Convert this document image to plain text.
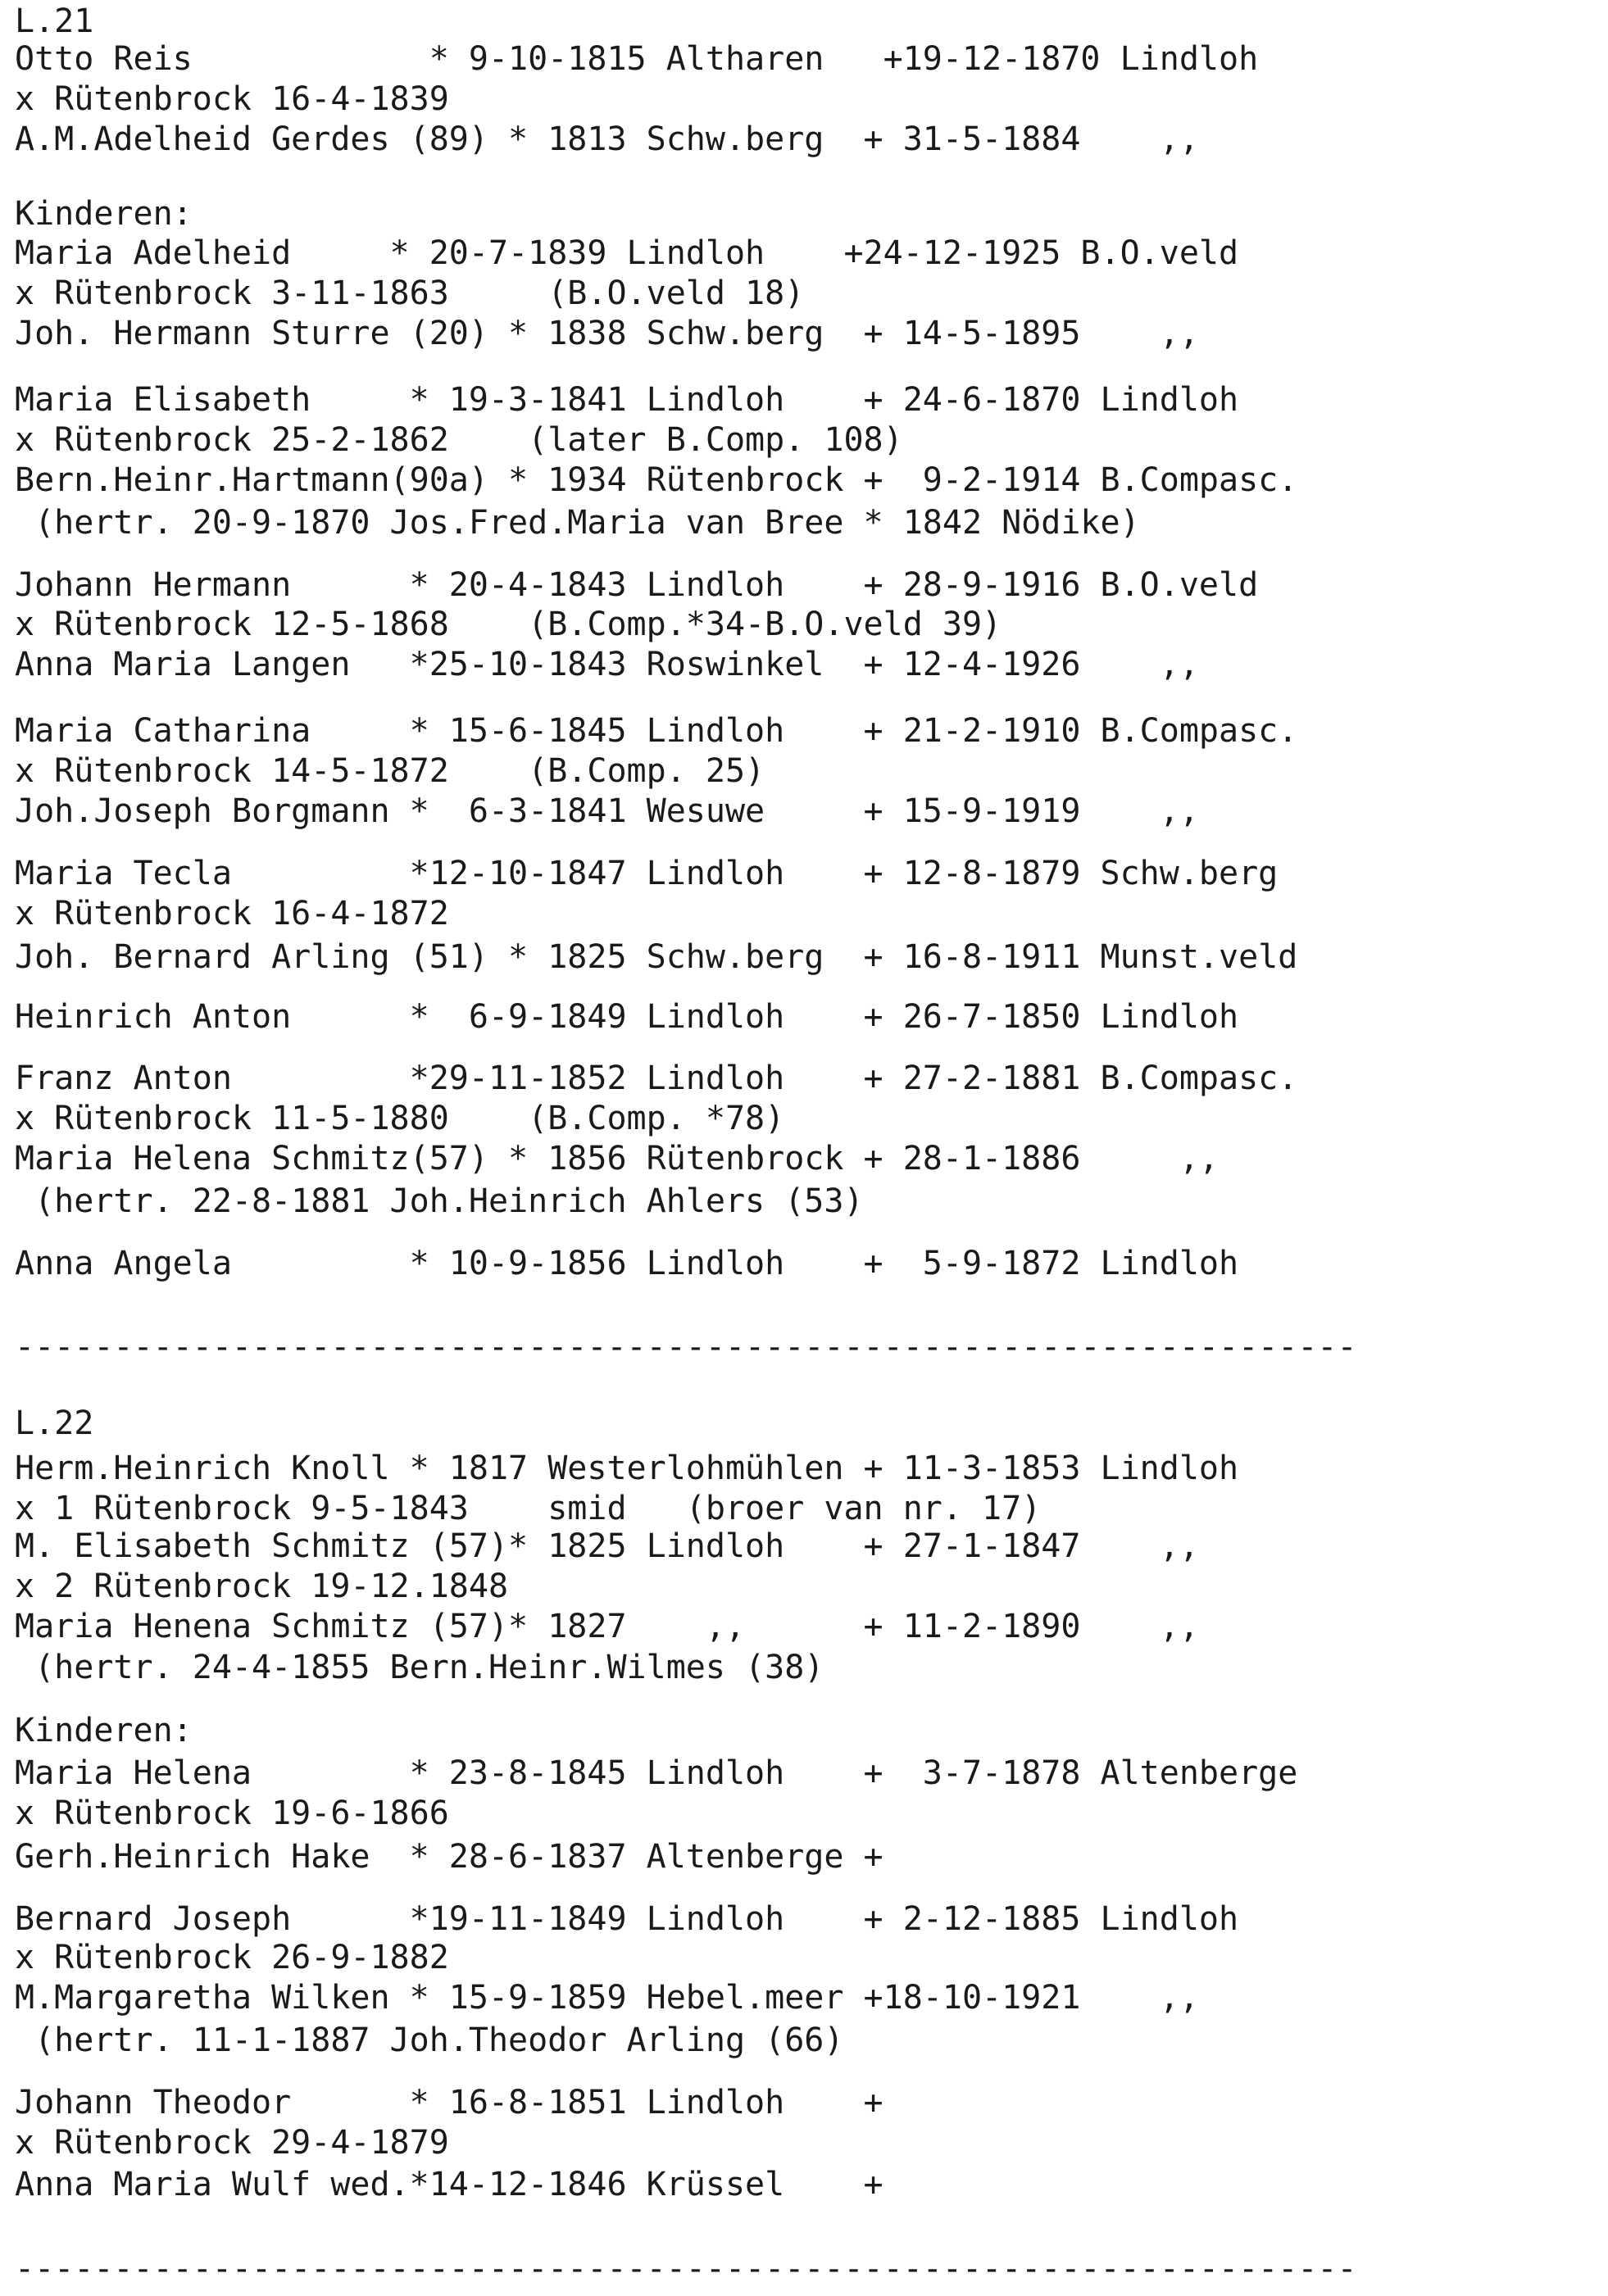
L.21

Otto Reis            * 9-10-1815 Altharen   +19-12-1870 Lindloh

x Rütenbrock 16-4-1839

A.M.Adelheid Gerdes (89) * 1813 Schw.berg  + 31-5-1884    ,,

Kinderen:

Maria Adelheid     * 20-7-1839 Lindloh    +24-12-1925 B.O.veld

x Rütenbrock 3-11-1863     (B.O.veld 18)

Joh. Hermann Sturre (20) * 1838 Schw.berg  + 14-5-1895    ,,

Maria Elisabeth     * 19-3-1841 Lindloh    + 24-6-1870 Lindloh

x Rütenbrock 25-2-1862    (later B.Comp. 108)

Bern.Heinr.Hartmann(90a) * 1934 Rütenbrock +  9-2-1914 B.Compasc.

(hertr. 20-9-1870 Jos.Fred.Maria van Bree * 1842 Nödike)

Johann Hermann      * 20-4-1843 Lindloh    + 28-9-1916 B.O.veld

x Rütenbrock 12-5-1868    (B.Comp.*34-B.O.veld 39)

Anna Maria Langen   *25-10-1843 Roswinkel  + 12-4-1926    ,,

Maria Catharina     * 15-6-1845 Lindloh    + 21-2-1910 B.Compasc.

x Rütenbrock 14-5-1872    (B.Comp. 25)

Joh.Joseph Borgmann *  6-3-1841 Wesuwe     + 15-9-1919    ,,

Maria Tecla         *12-10-1847 Lindloh    + 12-8-1879 Schw.berg

x Rütenbrock 16-4-1872

Joh. Bernard Arling (51) * 1825 Schw.berg  + 16-8-1911 Munst.veld

Heinrich Anton      *  6-9-1849 Lindloh    + 26-7-1850 Lindloh

Franz Anton         *29-11-1852 Lindloh    + 27-2-1881 B.Compasc.

x Rütenbrock 11-5-1880    (B.Comp. *78)

Maria Helena Schmitz(57) * 1856 Rütenbrock + 28-1-1886     ,,

(hertr. 22-8-1881 Joh.Heinrich Ahlers (53)

Anna Angela         * 10-9-1856 Lindloh    +  5-9-1872 Lindloh

--------------------------------------------------------------------

L.22

Herm.Heinrich Knoll * 1817 Westerlohmühlen + 11-3-1853 Lindloh

x 1 Rütenbrock 9-5-1843    smid   (broer van nr. 17)

M. Elisabeth Schmitz (57)* 1825 Lindloh    + 27-1-1847    ,,

x 2 Rütenbrock 19-12.1848

Maria Henena Schmitz (57)* 1827    ,,      + 11-2-1890    ,,

(hertr. 24-4-1855 Bern.Heinr.Wilmes (38)

Kinderen:

Maria Helena        * 23-8-1845 Lindloh    +  3-7-1878 Altenberge

x Rütenbrock 19-6-1866

Gerh.Heinrich Hake  * 28-6-1837 Altenberge +

Bernard Joseph      *19-11-1849 Lindloh    + 2-12-1885 Lindloh

x Rütenbrock 26-9-1882

M.Margaretha Wilken * 15-9-1859 Hebel.meer +18-10-1921    ,,

(hertr. 11-1-1887 Joh.Theodor Arling (66)

Johann Theodor      * 16-8-1851 Lindloh    +

x Rütenbrock 29-4-1879

Anna Maria Wulf wed.*14-12-1846 Krüssel    +

--------------------------------------------------------------------
